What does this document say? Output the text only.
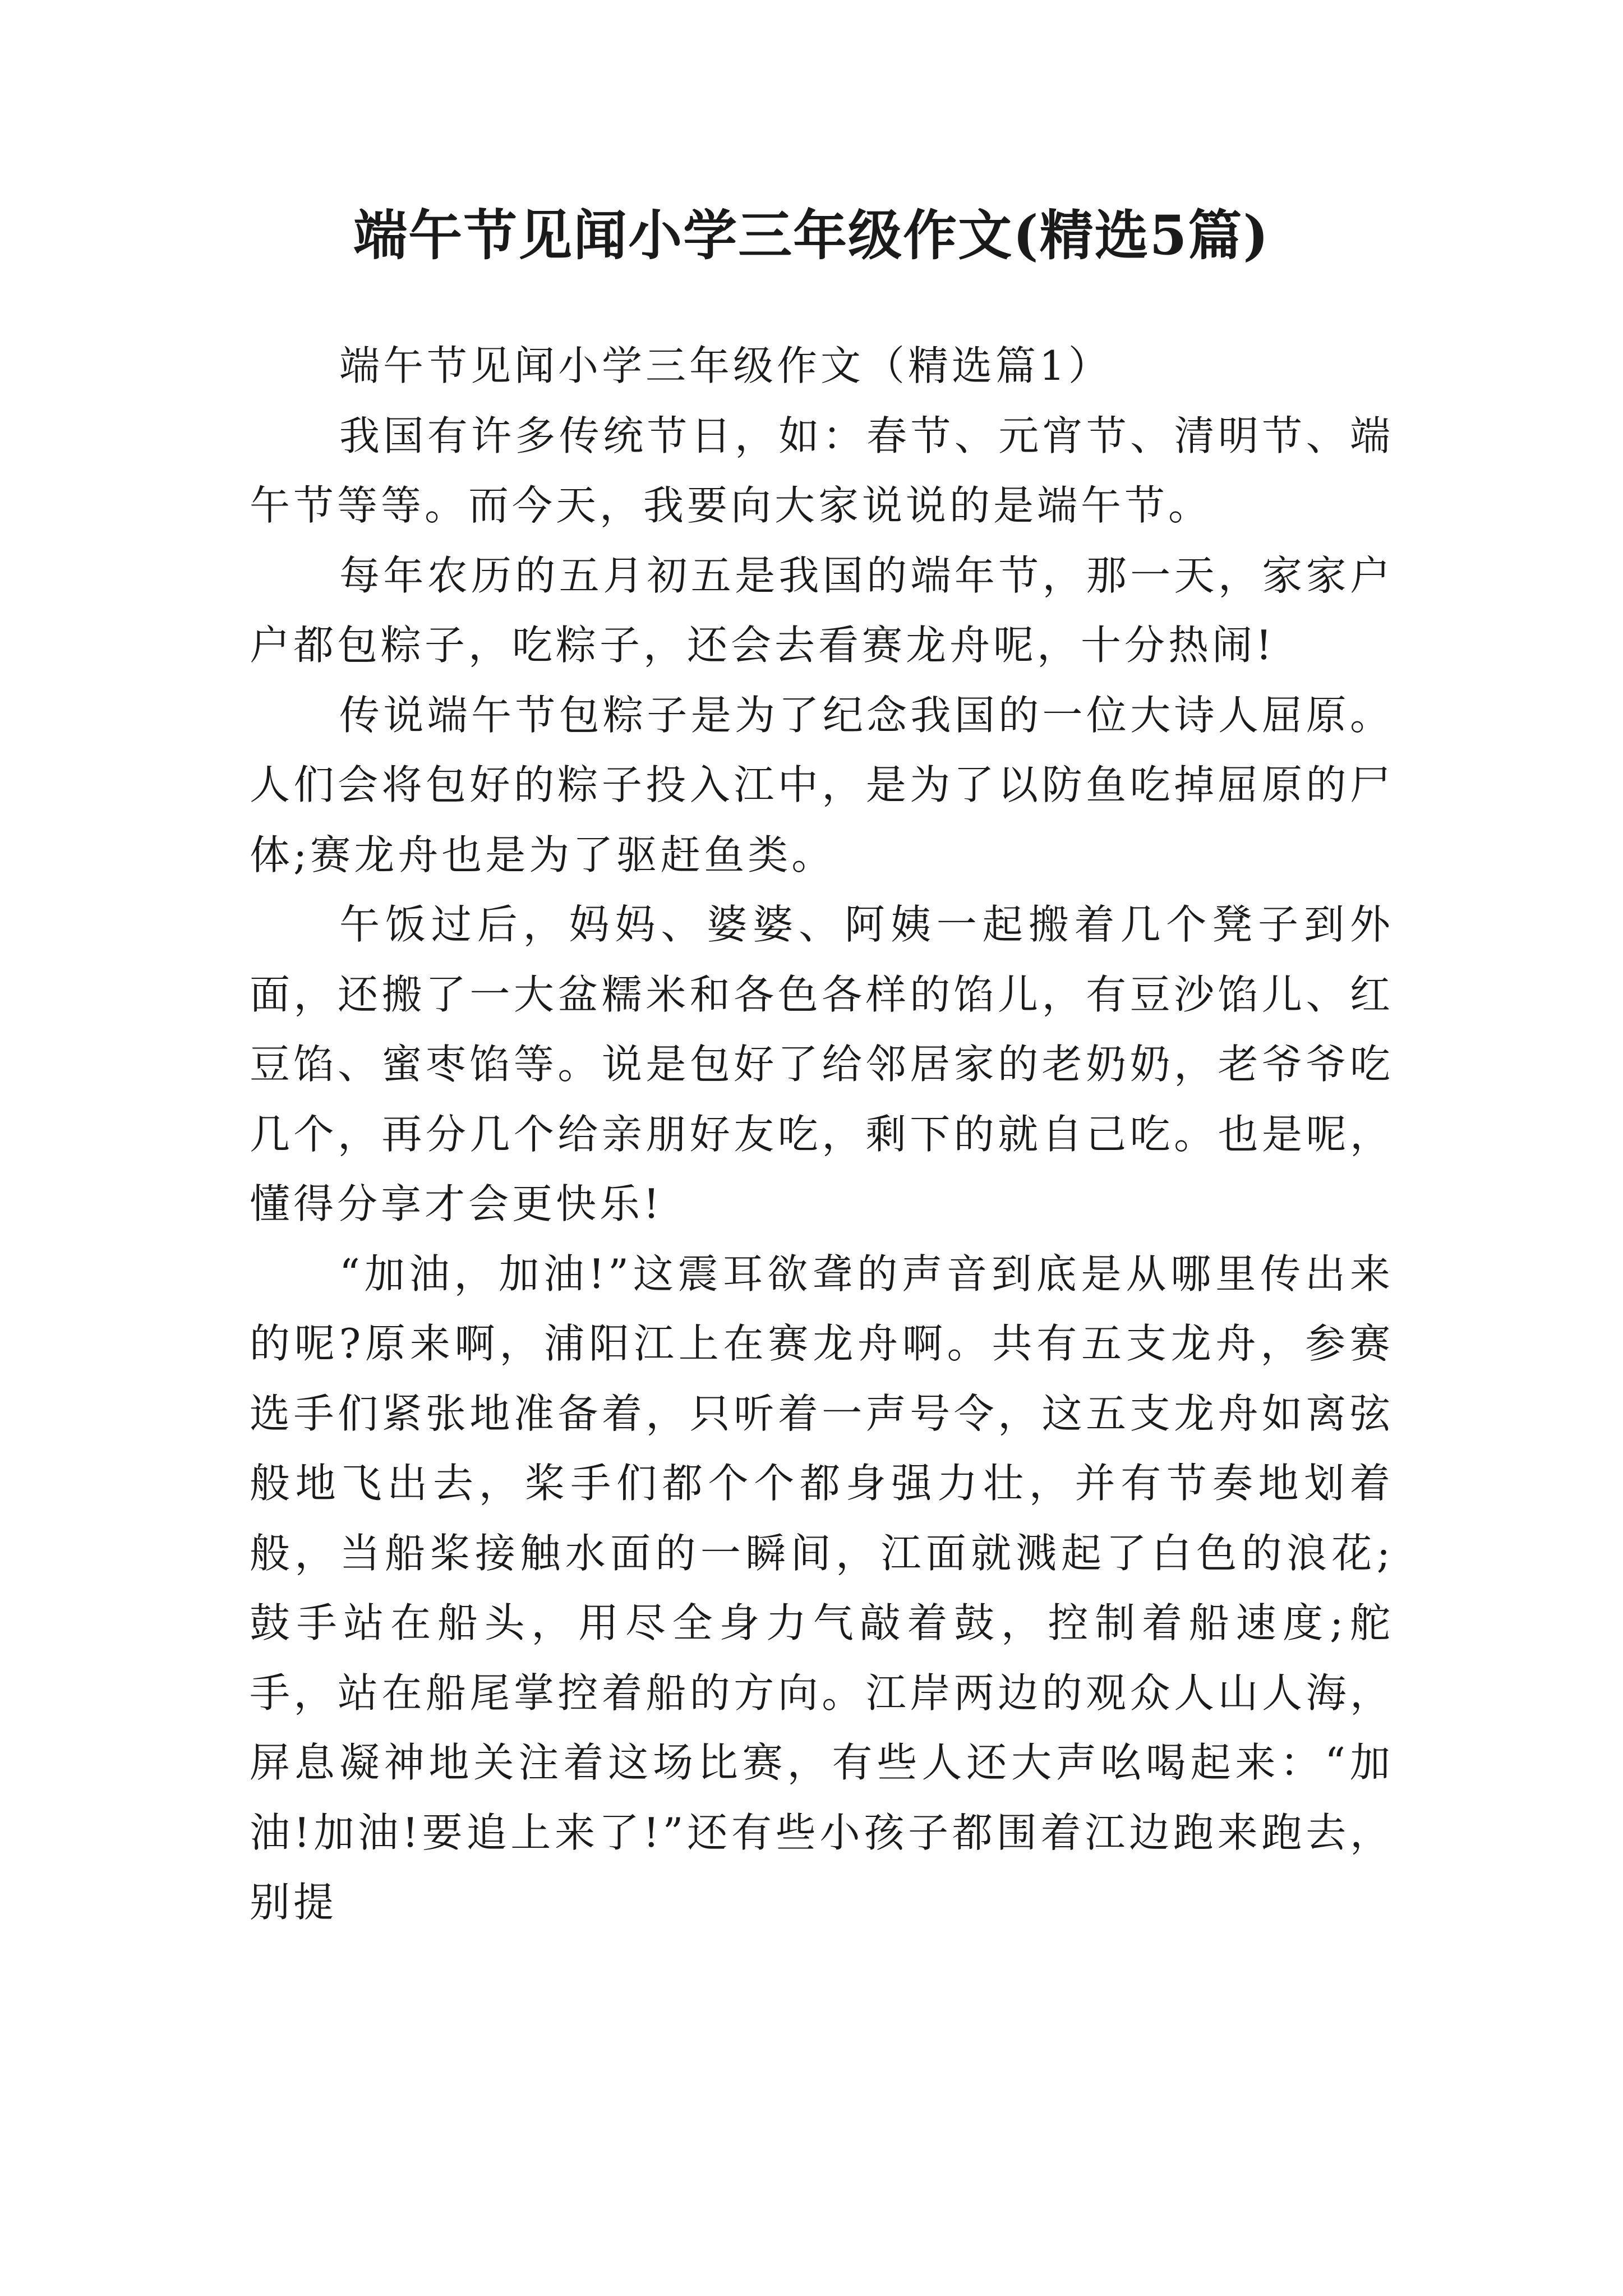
端午节见闻小学三年级作文(精选5篇)

端午节见闻小学三年级作文（精选篇1）

我国有许多传统节日，如：春节、元宵节、清明节、端午节等等。而今天，我要向大家说说的是端午节。

每年农历的五月初五是我国的端年节，那一天，家家户户都包粽子，吃粽子，还会去看赛龙舟呢，十分热闹!

传说端午节包粽子是为了纪念我国的一位大诗人屈原。人们会将包好的粽子投入江中，是为了以防鱼吃掉屈原的尸体;赛龙舟也是为了驱赶鱼类。

午饭过后，妈妈、婆婆、阿姨一起搬着几个凳子到外面，还搬了一大盆糯米和各色各样的馅儿，有豆沙馅儿、红豆馅、蜜枣馅等。说是包好了给邻居家的老奶奶，老爷爷吃几个，再分几个给亲朋好友吃，剩下的就自己吃。也是呢，懂得分享才会更快乐!

“加油，加油!”这震耳欲聋的声音到底是从哪里传出来的呢?原来啊，浦阳江上在赛龙舟啊。共有五支龙舟，参赛选手们紧张地准备着，只听着一声号令，这五支龙舟如离弦般地飞出去，桨手们都个个都身强力壮，并有节奏地划着般，当船桨接触水面的一瞬间，江面就溅起了白色的浪花;鼓手站在船头，用尽全身力气敲着鼓，控制着船速度;舵手，站在船尾掌控着船的方向。江岸两边的观众人山人海，屏息凝神地关注着这场比赛，有些人还大声吆喝起来：“加油!加油!要追上来了!”还有些小孩子都围着江边跑来跑去，别提
